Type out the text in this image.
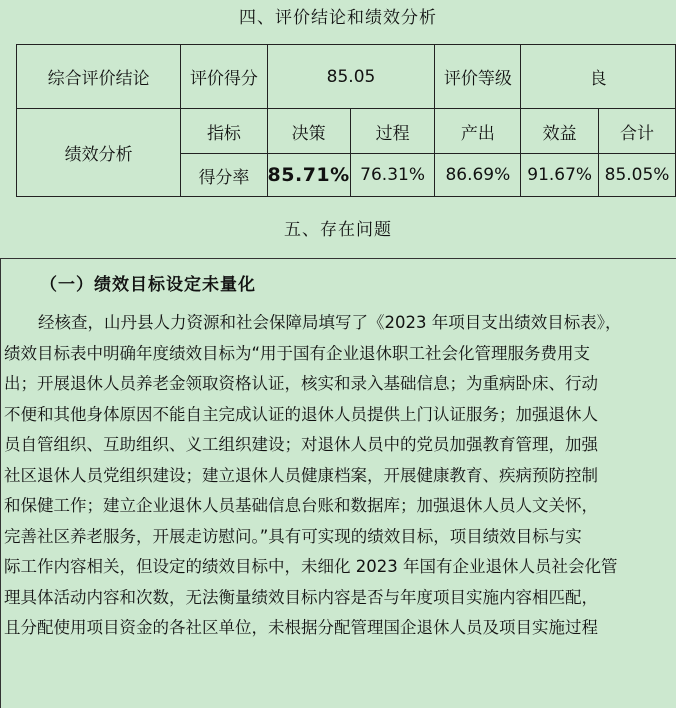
四、评价结论和绩效分析
综合评价结论	评价得分	85.05		评价等级	良	
绩效分析	指标	决策	过程	产出	效益	合计
	得分率	85.71%	76.31%	86.69%	91.67%	85.05%
五、存在问题
（一）绩效目标设定未量化
经核查，山丹县人力资源和社会保障局填写了《2023 年项目支出绩效目标表》，
绩效目标表中明确年度绩效目标为“用于国有企业退休职工社会化管理服务费用支
出；开展退休人员养老金领取资格认证，核实和录入基础信息；为重病卧床、行动
不便和其他身体原因不能自主完成认证的退休人员提供上门认证服务；加强退休人
员自管组织、互助组织、义工组织建设；对退休人员中的党员加强教育管理，加强
社区退休人员党组织建设；建立退休人员健康档案，开展健康教育、疾病预防控制
和保健工作；建立企业退休人员基础信息台账和数据库；加强退休人员人文关怀，
完善社区养老服务，开展走访慰问。”具有可实现的绩效目标，项目绩效目标与实
际工作内容相关，但设定的绩效目标中，未细化 2023 年国有企业退休人员社会化管
理具体活动内容和次数，无法衡量绩效目标内容是否与年度项目实施内容相匹配，
且分配使用项目资金的各社区单位，未根据分配管理国企退休人员及项目实施过程
